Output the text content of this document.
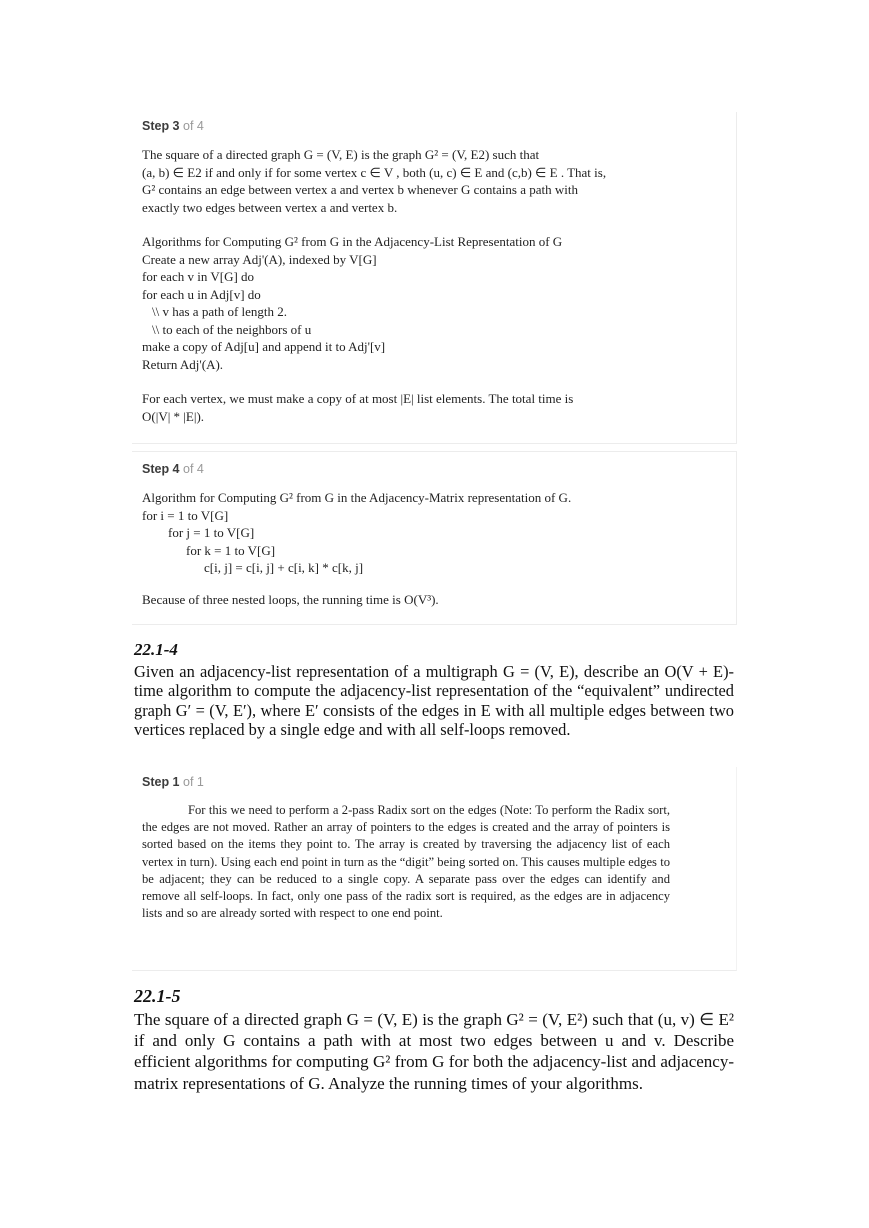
Step 3 of 4

The square of a directed graph G = (V, E) is the graph G² = (V, E2) such that

(a, b) ∈ E2 if and only if for some vertex c ∈ V , both (u, c) ∈ E and (c,b) ∈ E . That is,

G² contains an edge between vertex a and vertex b whenever G contains a path with

exactly two edges between vertex a and vertex b.

Algorithms for Computing G² from G in the Adjacency-List Representation of G

Create a new array Adj'(A), indexed by V[G]

for each v in V[G] do

for each u in Adj[v] do

\\ v has a path of length 2.

\\ to each of the neighbors of u

make a copy of Adj[u] and append it to Adj'[v]

Return Adj'(A).

For each vertex, we must make a copy of at most |E| list elements. The total time is

O(|V| * |E|).

Step 4 of 4

Algorithm for Computing G² from G in the Adjacency-Matrix representation of G.

for i = 1 to V[G]

for j = 1 to V[G]

for k = 1 to V[G]

c[i, j] = c[i, j] + c[i, k] * c[k, j]

Because of three nested loops, the running time is O(V³).

22.1-4

Given an adjacency-list representation of a multigraph G = (V, E), describe an O(V + E)-time algorithm to compute the adjacency-list representation of the “equivalent” undirected graph G′ = (V, E′), where E′ consists of the edges in E with all multiple edges between two vertices replaced by a single edge and with all self-loops removed.

Step 1 of 1

For this we need to perform a 2-pass Radix sort on the edges (Note: To perform the Radix sort, the edges are not moved. Rather an array of pointers to the edges is created and the array of pointers is sorted based on the items they point to. The array is created by traversing the adjacency list of each vertex in turn). Using each end point in turn as the “digit” being sorted on. This causes multiple edges to be adjacent; they can be reduced to a single copy. A separate pass over the edges can identify and remove all self-loops. In fact, only one pass of the radix sort is required, as the edges are in adjacency lists and so are already sorted with respect to one end point.

22.1-5

The square of a directed graph G = (V, E) is the graph G² = (V, E²) such that (u, v) ∈ E² if and only G contains a path with at most two edges between u and v. Describe efficient algorithms for computing G² from G for both the adjacency-list and adjacency-matrix representations of G. Analyze the running times of your algorithms.
